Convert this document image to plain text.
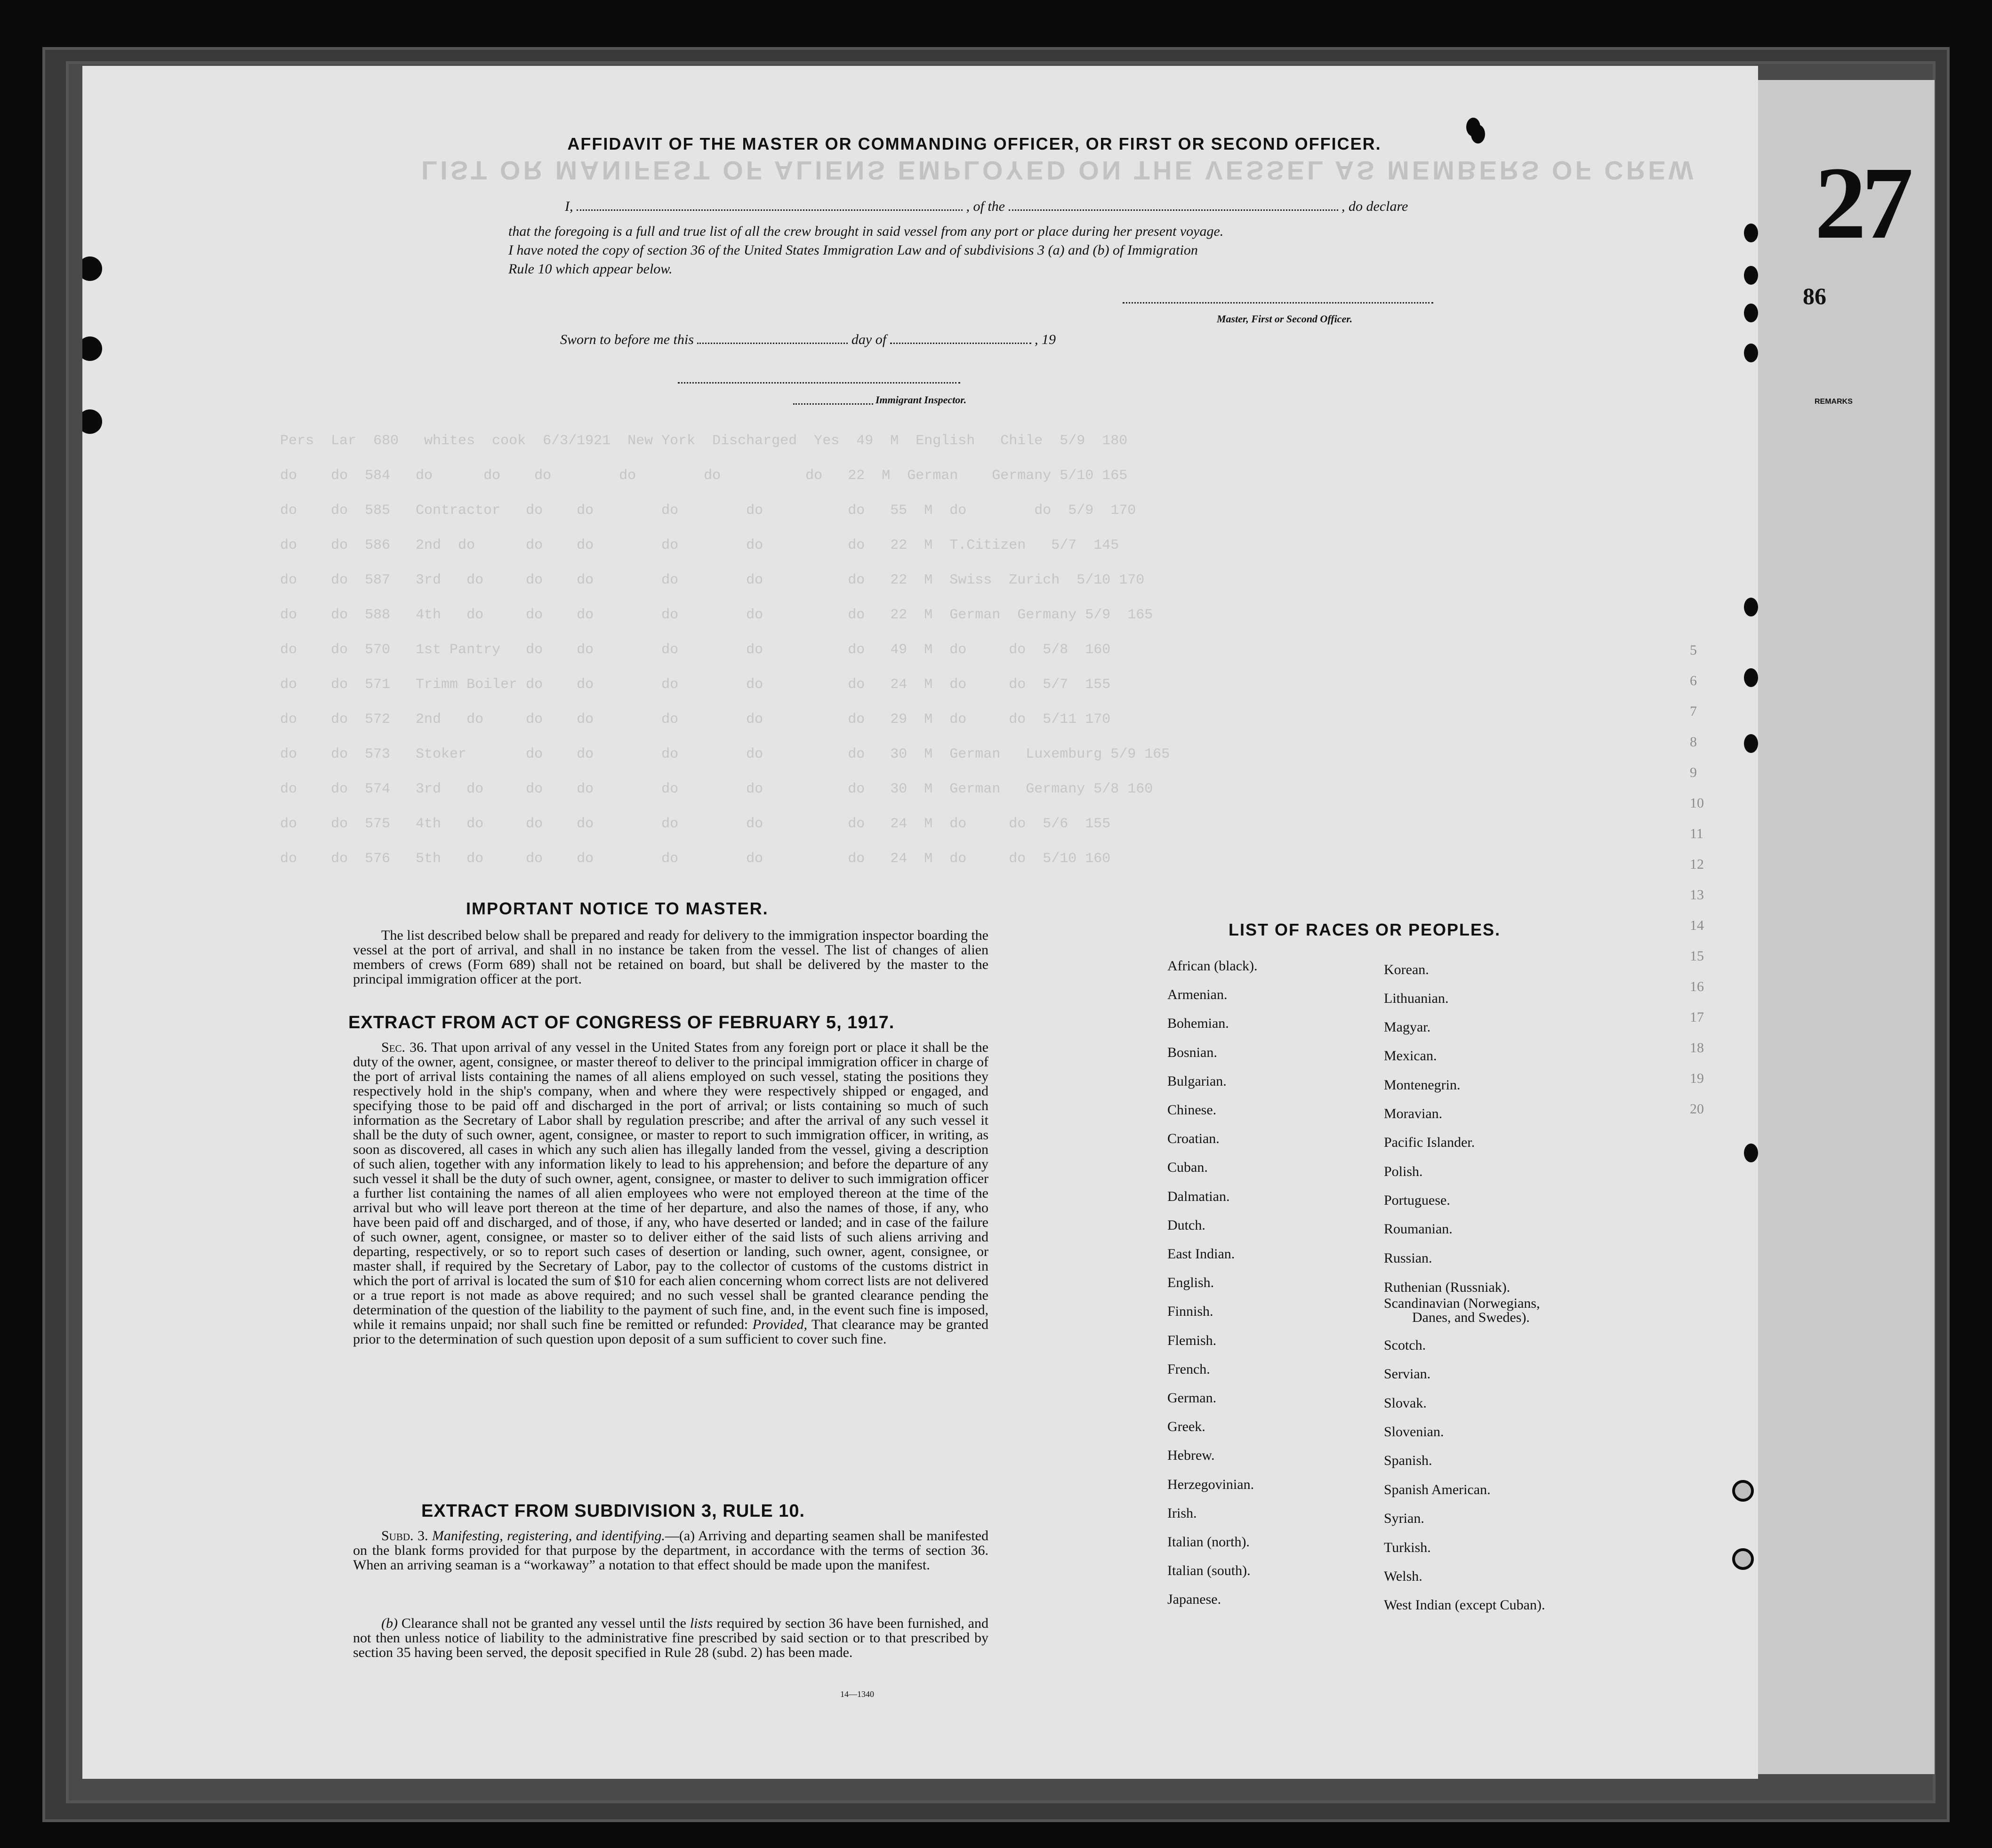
27
86
REMARKS
LIST OR MANIFEST OF ALIENS EMPLOYED ON THE VESSEL AS MEMBERS OF CREW
Pers  Lar  680   whites  cook  6/3/1921  New York  Discharged  Yes  49  M  English   Chile  5/9  180
do    do  584   do      do    do        do        do          do   22  M  German    Germany 5/10 165
do    do  585   Contractor   do    do        do        do          do   55  M  do        do  5/9  170
do    do  586   2nd  do      do    do        do        do          do   22  M  T.Citizen   5/7  145
do    do  587   3rd   do     do    do        do        do          do   22  M  Swiss  Zurich  5/10 170
do    do  588   4th   do     do    do        do        do          do   22  M  German  Germany 5/9  165
do    do  570   1st Pantry   do    do        do        do          do   49  M  do     do  5/8  160
do    do  571   Trimm Boiler do    do        do        do          do   24  M  do     do  5/7  155
do    do  572   2nd   do     do    do        do        do          do   29  M  do     do  5/11 170
do    do  573   Stoker       do    do        do        do          do   30  M  German   Luxemburg 5/9 165
do    do  574   3rd   do     do    do        do        do          do   30  M  German   Germany 5/8 160
do    do  575   4th   do     do    do        do        do          do   24  M  do     do  5/6  155
do    do  576   5th   do     do    do        do        do          do   24  M  do     do  5/10 160
AFFIDAVIT OF THE MASTER OR COMMANDING OFFICER, OR FIRST OR SECOND OFFICER.
I,	, of the	, do declare
that the foregoing is a full and true list of all the crew brought in said vessel from any port or place during her present voyage.
I have noted the copy of section 36 of the United States Immigration Law and of subdivisions 3 (a) and (b) of Immigration
Rule 10 which appear below.
Master, First or Second Officer.
Sworn to before me this	day of	, 19
Immigrant Inspector.
IMPORTANT NOTICE TO MASTER.
The list described below shall be prepared and ready for delivery to the immigration inspector boarding the vessel at the port of arrival, and shall in no instance be taken from the vessel. The list of changes of alien members of crews (Form 689) shall not be retained on board, but shall be delivered by the master to the principal immigration officer at the port.
EXTRACT FROM ACT OF CONGRESS OF FEBRUARY 5, 1917.
Sec. 36. That upon arrival of any vessel in the United States from any foreign port or place it shall be the duty of the owner, agent, consignee, or master thereof to deliver to the principal immigration officer in charge of the port of arrival lists containing the names of all aliens employed on such vessel, stating the positions they respectively hold in the ship's company, when and where they were respectively shipped or engaged, and specifying those to be paid off and discharged in the port of arrival; or lists containing so much of such information as the Secretary of Labor shall by regulation prescribe; and after the arrival of any such vessel it shall be the duty of such owner, agent, consignee, or master to report to such immigration officer, in writing, as soon as discovered, all cases in which any such alien has illegally landed from the vessel, giving a description of such alien, together with any information likely to lead to his apprehension; and before the departure of any such vessel it shall be the duty of such owner, agent, consignee, or master to deliver to such immigration officer a further list containing the names of all alien employees who were not employed thereon at the time of the arrival but who will leave port thereon at the time of her departure, and also the names of those, if any, who have been paid off and discharged, and of those, if any, who have deserted or landed; and in case of the failure of such owner, agent, consignee, or master so to deliver either of the said lists of such aliens arriving and departing, respectively, or so to report such cases of desertion or landing, such owner, agent, consignee, or master shall, if required by the Secretary of Labor, pay to the collector of customs of the customs district in which the port of arrival is located the sum of $10 for each alien concerning whom correct lists are not delivered or a true report is not made as above required; and no such vessel shall be granted clearance pending the determination of the question of the liability to the payment of such fine, and, in the event such fine is imposed, while it remains unpaid; nor shall such fine be remitted or refunded: Provided, That clearance may be granted prior to the determination of such question upon deposit of a sum sufficient to cover such fine.
EXTRACT FROM SUBDIVISION 3, RULE 10.
Subd. 3. Manifesting, registering, and identifying.—(a) Arriving and departing seamen shall be manifested on the blank forms provided for that purpose by the department, in accordance with the terms of section 36. When an arriving seaman is a “workaway” a notation to that effect should be made upon the manifest.
(b) Clearance shall not be granted any vessel until the lists required by section 36 have been furnished, and not then unless notice of liability to the administrative fine prescribed by said section or to that prescribed by section 35 having been served, the deposit specified in Rule 28 (subd. 2) has been made.
14—1340
LIST OF RACES OR PEOPLES.
African (black).
Armenian.
Bohemian.
Bosnian.
Bulgarian.
Chinese.
Croatian.
Cuban.
Dalmatian.
Dutch.
East Indian.
English.
Finnish.
Flemish.
French.
German.
Greek.
Hebrew.
Herzegovinian.
Irish.
Italian (north).
Italian (south).
Japanese.
Korean.
Lithuanian.
Magyar.
Mexican.
Montenegrin.
Moravian.
Pacific Islander.
Polish.
Portuguese.
Roumanian.
Russian.
Ruthenian (Russniak).
Scandinavian (Norwegians,
Danes, and Swedes).
Scotch.
Servian.
Slovak.
Slovenian.
Spanish.
Spanish American.
Syrian.
Turkish.
Welsh.
West Indian (except Cuban).
5
6
7
8
9
10
11
12
13
14
15
16
17
18
19
20
